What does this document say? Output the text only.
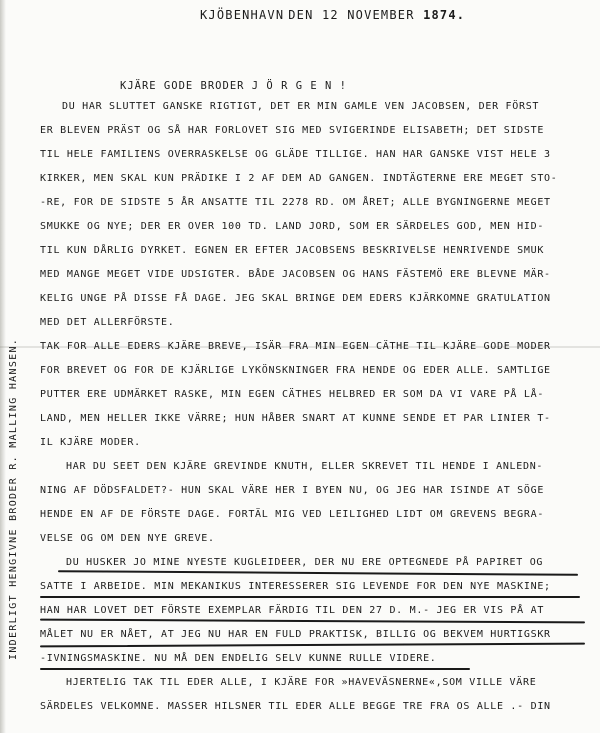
KJÖBENHAVN DEN 12 NOVEMBER 1874.
KJÄRE GODE BRODER J Ö R G E N !
DU HAR SLUTTET GANSKE RIGTIGT, DET ER MIN GAMLE VEN JACOBSEN, DER FÖRST
ER BLEVEN PRÄST OG SÅ HAR FORLOVET SIG MED SVIGERINDE ELISABETH; DET SIDSTE
TIL HELE FAMILIENS OVERRASKELSE OG GLÄDE TILLIGE. HAN HAR GANSKE VIST HELE 3
KIRKER, MEN SKAL KUN PRÄDIKE I 2 AF DEM AD GANGEN. INDTÄGTERNE ERE MEGET STO-
-RE, FOR DE SIDSTE 5 ÅR ANSATTE TIL 2278 RD. OM ÅRET; ALLE BYGNINGERNE MEGET
SMUKKE OG NYE; DER ER OVER 100 TD. LAND JORD, SOM ER SÄRDELES GOD, MEN HID-
TIL KUN DÅRLIG DYRKET. EGNEN ER EFTER JACOBSENS BESKRIVELSE HENRIVENDE SMUK
MED MANGE MEGET VIDE UDSIGTER. BÅDE JACOBSEN OG HANS FÄSTEMÖ ERE BLEVNE MÄR-
KELIG UNGE PÅ DISSE FÅ DAGE. JEG SKAL BRINGE DEM EDERS KJÄRKOMNE GRATULATION
MED DET ALLERFÖRSTE.
TAK FOR ALLE EDERS KJÄRE BREVE, ISÄR FRA MIN EGEN CÄTHE TIL KJÄRE GODE MODER
FOR BREVET OG FOR DE KJÄRLIGE LYKÖNSKNINGER FRA HENDE OG EDER ALLE. SAMTLIGE
PUTTER ERE UDMÄRKET RASKE, MIN EGEN CÄTHES HELBRED ER SOM DA VI VARE PÅ LÅ-
LAND, MEN HELLER IKKE VÄRRE; HUN HÅBER SNART AT KUNNE SENDE ET PAR LINIER T-
IL KJÄRE MODER.
HAR DU SEET DEN KJÄRE GREVINDE KNUTH, ELLER SKREVET TIL HENDE I ANLEDN-
NING AF DÖDSFALDET?- HUN SKAL VÄRE HER I BYEN NU, OG JEG HAR ISINDE AT SÖGE
HENDE EN AF DE FÖRSTE DAGE. FORTÄL MIG VED LEILIGHED LIDT OM GREVENS BEGRA-
VELSE OG OM DEN NYE GREVE.
DU HUSKER JO MINE NYESTE KUGLEIDEER, DER NU ERE OPTEGNEDE PÅ PAPIRET OG
SATTE I ARBEIDE. MIN MEKANIKUS INTERESSERER SIG LEVENDE FOR DEN NYE MASKINE;
HAN HAR LOVET DET FÖRSTE EXEMPLAR FÄRDIG TIL DEN 27 D. M.- JEG ER VIS PÅ AT
MÅLET NU ER NÅET, AT JEG NU HAR EN FULD PRAKTISK, BILLIG OG BEKVEM HURTIGSKR
-IVNINGSMASKINE. NU MÅ DEN ENDELIG SELV KUNNE RULLE VIDERE.
HJERTELIG TAK TIL EDER ALLE, I KJÄRE FOR »HAVEVÄSNERNE«,SOM VILLE VÄRE
SÄRDELES VELKOMNE. MASSER HILSNER TIL EDER ALLE BEGGE TRE FRA OS ALLE .- DIN
INDERLIGT HENGIVNE BRODER R. MALLING HANSEN.
